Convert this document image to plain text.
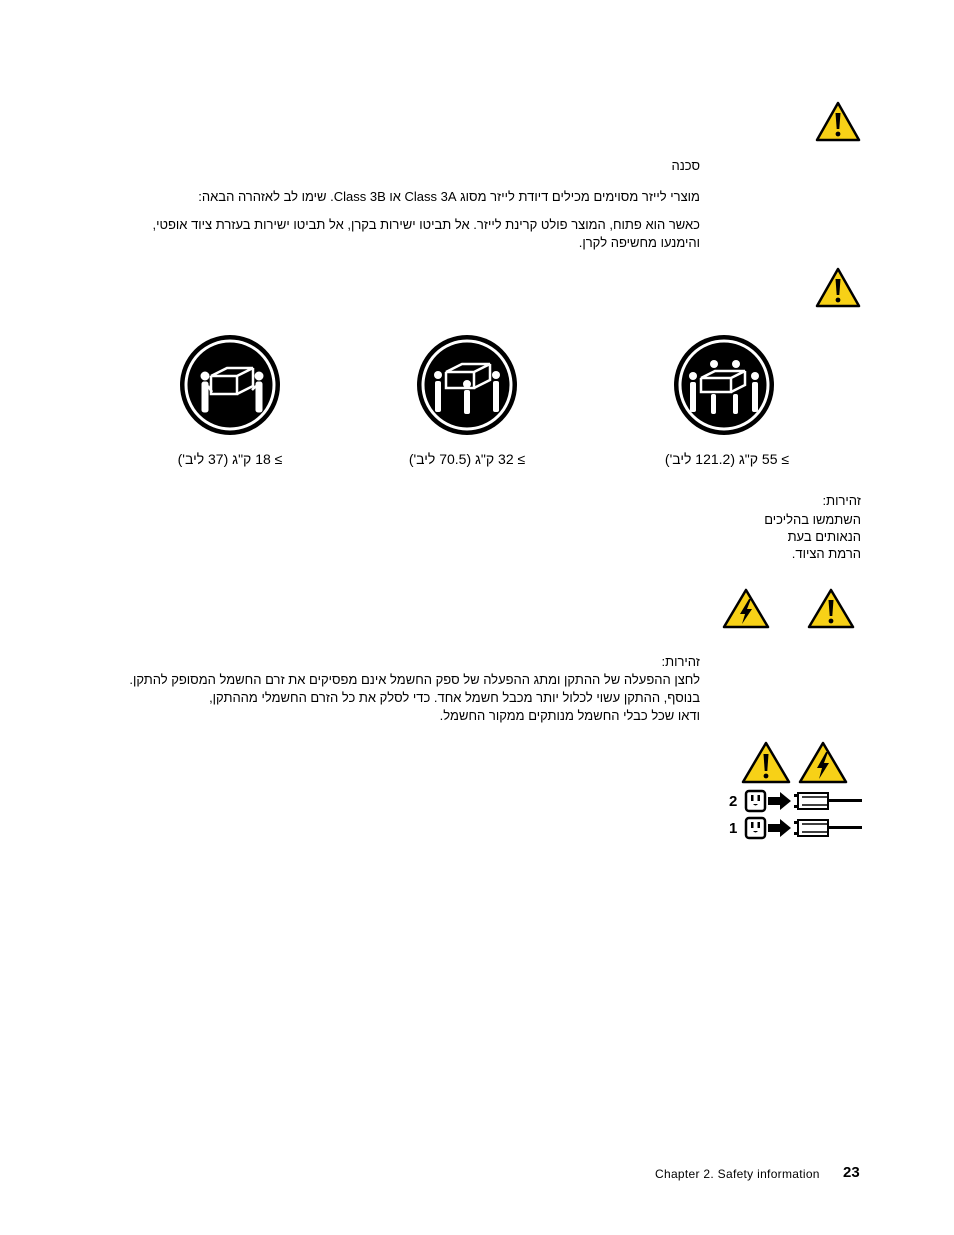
סכנה
מוצרי לייזר מסוימים מכילים דיודת לייזר מסוג Class 3A או Class 3B. שימו לב לאזהרה הבאה:
כאשר הוא פתוח, המוצר פולט קרינת לייזר. אל תביטו ישירות בקרן, אל תביטו ישירות בעזרת ציוד אופטי,
והימנעו מחשיפה לקרן.
≥ 18 ק"ג (37 ליב')	≥ 32 ק"ג (70.5 ליב')	≥ 55 ק"ג (121.2 ליב')
זהירות:
השתמשו בהליכים
הנאותים בעת
הרמת הציוד.
זהירות:
לחצן ההפעלה של ההתקן ומתג ההפעלה של ספק החשמל אינם מפסיקים את זרם החשמל המסופק להתקן.
בנוסף, ההתקן עשוי לכלול יותר מכבל חשמל אחד. כדי לסלק את כל הזרם החשמלי מההתקן,
ודאו שכל כבלי החשמל מנותקים ממקור החשמל.
2
1
Chapter 2. Safety information 23
